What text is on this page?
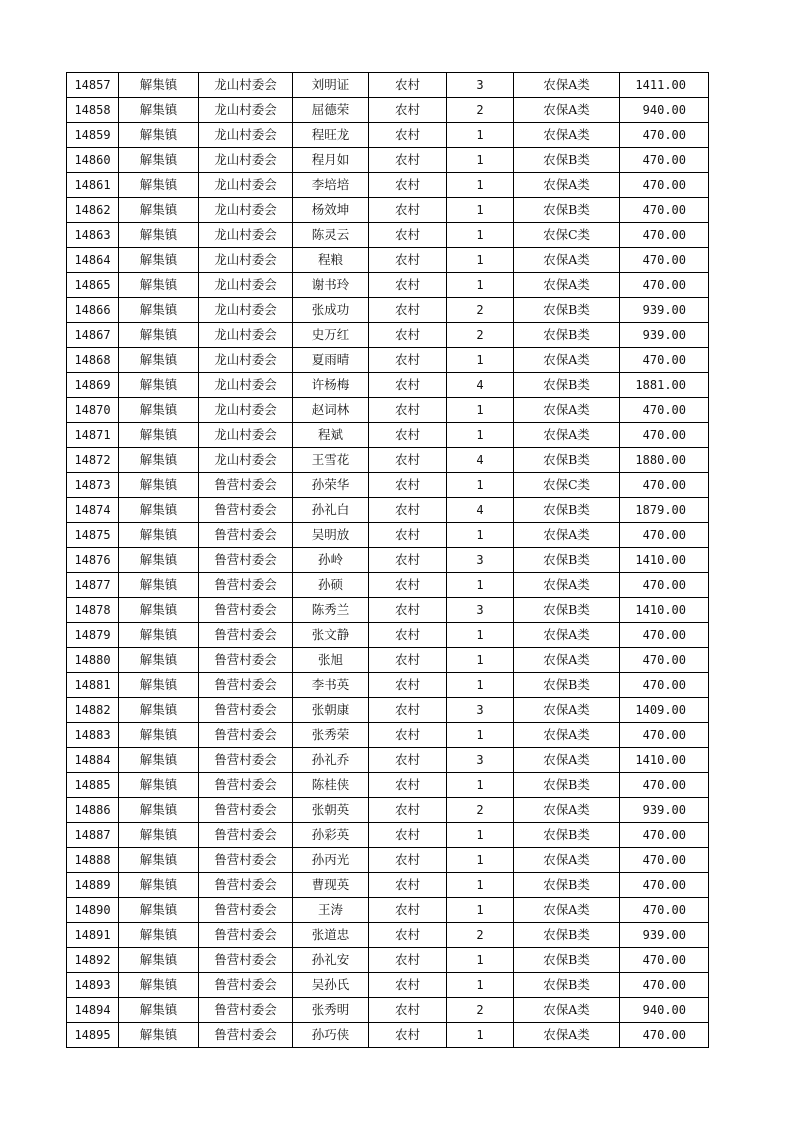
14857	解集镇	龙山村委会	刘明证	农村	3	农保A类	1411.00
14858	解集镇	龙山村委会	屈德荣	农村	2	农保A类	940.00
14859	解集镇	龙山村委会	程旺龙	农村	1	农保A类	470.00
14860	解集镇	龙山村委会	程月如	农村	1	农保B类	470.00
14861	解集镇	龙山村委会	李培培	农村	1	农保A类	470.00
14862	解集镇	龙山村委会	杨效坤	农村	1	农保B类	470.00
14863	解集镇	龙山村委会	陈灵云	农村	1	农保C类	470.00
14864	解集镇	龙山村委会	程粮	农村	1	农保A类	470.00
14865	解集镇	龙山村委会	谢书玲	农村	1	农保A类	470.00
14866	解集镇	龙山村委会	张成功	农村	2	农保B类	939.00
14867	解集镇	龙山村委会	史万红	农村	2	农保B类	939.00
14868	解集镇	龙山村委会	夏雨晴	农村	1	农保A类	470.00
14869	解集镇	龙山村委会	许杨梅	农村	4	农保B类	1881.00
14870	解集镇	龙山村委会	赵词林	农村	1	农保A类	470.00
14871	解集镇	龙山村委会	程斌	农村	1	农保A类	470.00
14872	解集镇	龙山村委会	王雪花	农村	4	农保B类	1880.00
14873	解集镇	鲁营村委会	孙荣华	农村	1	农保C类	470.00
14874	解集镇	鲁营村委会	孙礼白	农村	4	农保B类	1879.00
14875	解集镇	鲁营村委会	吴明放	农村	1	农保A类	470.00
14876	解集镇	鲁营村委会	孙岭	农村	3	农保B类	1410.00
14877	解集镇	鲁营村委会	孙硕	农村	1	农保A类	470.00
14878	解集镇	鲁营村委会	陈秀兰	农村	3	农保B类	1410.00
14879	解集镇	鲁营村委会	张文静	农村	1	农保A类	470.00
14880	解集镇	鲁营村委会	张旭	农村	1	农保A类	470.00
14881	解集镇	鲁营村委会	李书英	农村	1	农保B类	470.00
14882	解集镇	鲁营村委会	张朝康	农村	3	农保A类	1409.00
14883	解集镇	鲁营村委会	张秀荣	农村	1	农保A类	470.00
14884	解集镇	鲁营村委会	孙礼乔	农村	3	农保A类	1410.00
14885	解集镇	鲁营村委会	陈桂侠	农村	1	农保B类	470.00
14886	解集镇	鲁营村委会	张朝英	农村	2	农保A类	939.00
14887	解集镇	鲁营村委会	孙彩英	农村	1	农保B类	470.00
14888	解集镇	鲁营村委会	孙丙光	农村	1	农保A类	470.00
14889	解集镇	鲁营村委会	曹现英	农村	1	农保B类	470.00
14890	解集镇	鲁营村委会	王涛	农村	1	农保A类	470.00
14891	解集镇	鲁营村委会	张道忠	农村	2	农保B类	939.00
14892	解集镇	鲁营村委会	孙礼安	农村	1	农保B类	470.00
14893	解集镇	鲁营村委会	吴孙氏	农村	1	农保B类	470.00
14894	解集镇	鲁营村委会	张秀明	农村	2	农保A类	940.00
14895	解集镇	鲁营村委会	孙巧侠	农村	1	农保A类	470.00
